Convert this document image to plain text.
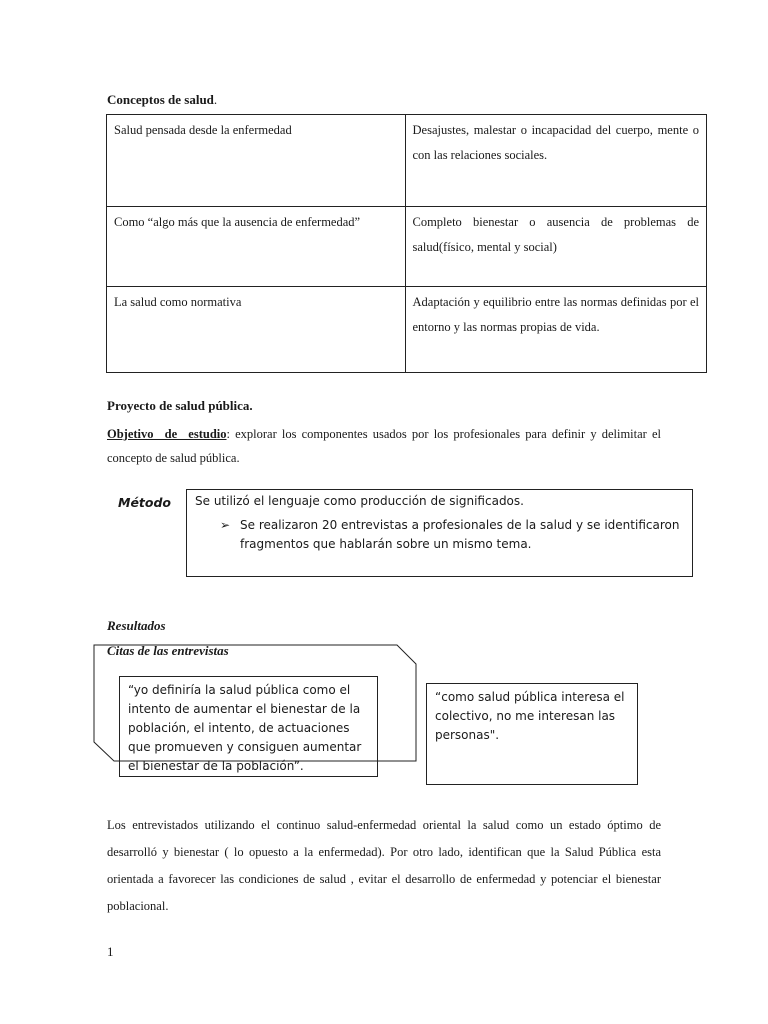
Conceptos de salud.
Salud pensada desde la enfermedad	Desajustes, malestar o incapacidad del cuerpo, mente o con las relaciones sociales.
Como “algo más que la ausencia de enfermedad”	Completo bienestar o ausencia de problemas de salud(físico, mental y social)
La salud como normativa	Adaptación y equilibrio entre las normas definidas por el entorno y las normas propias de vida.
Proyecto de salud pública.
Objetivo de estudio: explorar los componentes usados por los profesionales para definir y delimitar el concepto de salud pública.
Método Se utilizó el lenguaje como producción de significados.
➢ Se realizaron 20 entrevistas a profesionales de la salud y se identificaron fragmentos que hablarán sobre un mismo tema.
Resultados
Citas de las entrevistas
“yo definiría la salud pública como el intento de aumentar el bienestar de la población, el intento, de actuaciones que promueven y consiguen aumentar el bienestar de la población”.
“como salud pública interesa el colectivo, no me interesan las personas".
Los entrevistados utilizando el continuo salud-enfermedad oriental la salud como un estado óptimo de desarrolló y bienestar ( lo opuesto a la enfermedad). Por otro lado, identifican que la Salud Pública esta orientada a favorecer las condiciones de salud , evitar el desarrollo de enfermedad y potenciar el bienestar poblacional.
1
